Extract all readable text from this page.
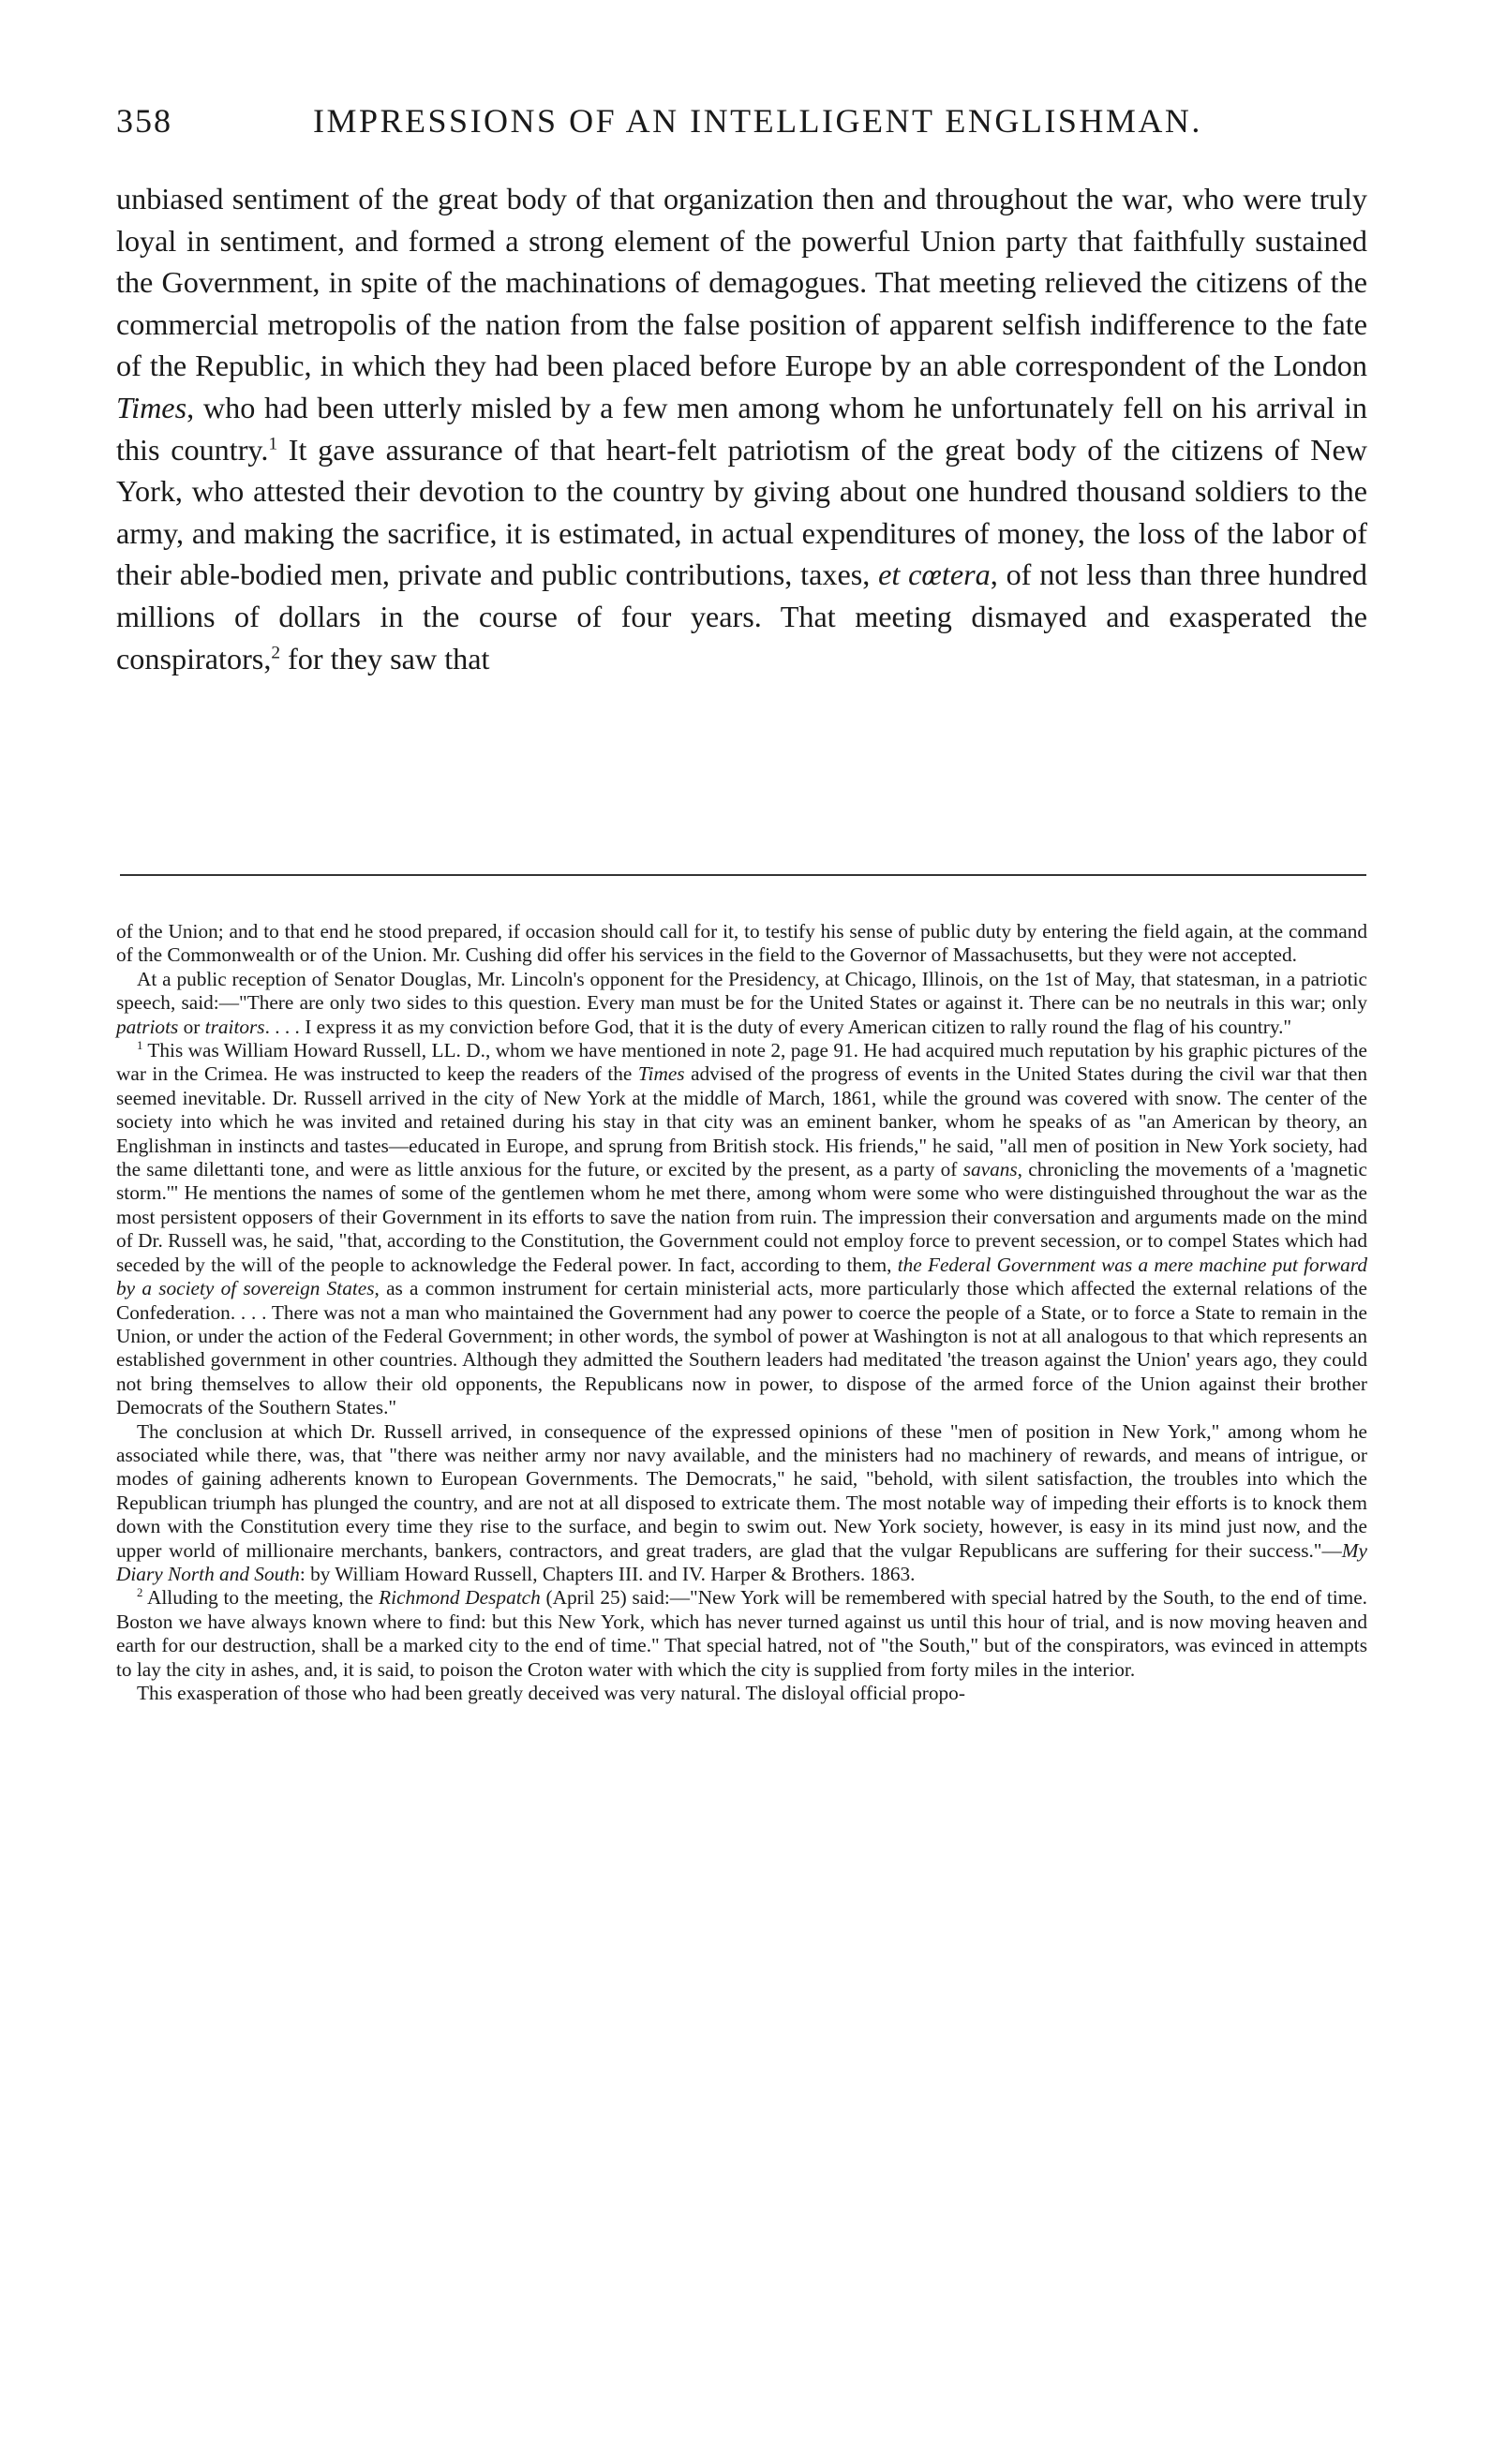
358	IMPRESSIONS OF AN INTELLIGENT ENGLISHMAN.

unbiased sentiment of the great body of that organization then and throughout the war, who were truly loyal in sentiment, and formed a strong element of the powerful Union party that faithfully sustained the Government, in spite of the machinations of demagogues. That meeting relieved the citizens of the commercial metropolis of the nation from the false position of apparent selfish indifference to the fate of the Republic, in which they had been placed before Europe by an able correspondent of the London Times, who had been utterly misled by a few men among whom he unfortunately fell on his arrival in this country.$^1$ It gave assurance of that heart-felt patriotism of the great body of the citizens of New York, who attested their devotion to the country by giving about one hundred thousand soldiers to the army, and making the sacrifice, it is estimated, in actual expenditures of money, the loss of the labor of their able-bodied men, private and public contributions, taxes, et cœtera, of not less than three hundred millions of dollars in the course of four years. That meeting dismayed and exasperated the conspirators,$^2$ for they saw that

of the Union; and to that end he stood prepared, if occasion should call for it, to testify his sense of public duty by entering the field again, at the command of the Commonwealth or of the Union. Mr. Cushing did offer his services in the field to the Governor of Massachusetts, but they were not accepted.

At a public reception of Senator Douglas, Mr. Lincoln's opponent for the Presidency, at Chicago, Illinois, on the 1st of May, that statesman, in a patriotic speech, said:—"There are only two sides to this question. Every man must be for the United States or against it. There can be no neutrals in this war; only patriots or traitors. . . . I express it as my conviction before God, that it is the duty of every American citizen to rally round the flag of his country."

$^1$ This was William Howard Russell, LL. D., whom we have mentioned in note 2, page 91. He had acquired much reputation by his graphic pictures of the war in the Crimea. He was instructed to keep the readers of the Times advised of the progress of events in the United States during the civil war that then seemed inevitable. Dr. Russell arrived in the city of New York at the middle of March, 1861, while the ground was covered with snow. The center of the society into which he was invited and retained during his stay in that city was an eminent banker, whom he speaks of as "an American by theory, an Englishman in instincts and tastes—educated in Europe, and sprung from British stock. His friends," he said, "all men of position in New York society, had the same dilettanti tone, and were as little anxious for the future, or excited by the present, as a party of savans, chronicling the movements of a 'magnetic storm.'" He mentions the names of some of the gentlemen whom he met there, among whom were some who were distinguished throughout the war as the most persistent opposers of their Government in its efforts to save the nation from ruin. The impression their conversation and arguments made on the mind of Dr. Russell was, he said, "that, according to the Constitution, the Government could not employ force to prevent secession, or to compel States which had seceded by the will of the people to acknowledge the Federal power. In fact, according to them, the Federal Government was a mere machine put forward by a society of sovereign States, as a common instrument for certain ministerial acts, more particularly those which affected the external relations of the Confederation. . . . There was not a man who maintained the Government had any power to coerce the people of a State, or to force a State to remain in the Union, or under the action of the Federal Government; in other words, the symbol of power at Washington is not at all analogous to that which represents an established government in other countries. Although they admitted the Southern leaders had meditated 'the treason against the Union' years ago, they could not bring themselves to allow their old opponents, the Republicans now in power, to dispose of the armed force of the Union against their brother Democrats of the Southern States."

The conclusion at which Dr. Russell arrived, in consequence of the expressed opinions of these "men of position in New York," among whom he associated while there, was, that "there was neither army nor navy available, and the ministers had no machinery of rewards, and means of intrigue, or modes of gaining adherents known to European Governments. The Democrats," he said, "behold, with silent satisfaction, the troubles into which the Republican triumph has plunged the country, and are not at all disposed to extricate them. The most notable way of impeding their efforts is to knock them down with the Constitution every time they rise to the surface, and begin to swim out. New York society, however, is easy in its mind just now, and the upper world of millionaire merchants, bankers, contractors, and great traders, are glad that the vulgar Republicans are suffering for their success."—My Diary North and South: by William Howard Russell, Chapters III. and IV. Harper & Brothers. 1863.

$^2$ Alluding to the meeting, the Richmond Despatch (April 25) said:—"New York will be remembered with special hatred by the South, to the end of time. Boston we have always known where to find: but this New York, which has never turned against us until this hour of trial, and is now moving heaven and earth for our destruction, shall be a marked city to the end of time." That special hatred, not of "the South," but of the conspirators, was evinced in attempts to lay the city in ashes, and, it is said, to poison the Croton water with which the city is supplied from forty miles in the interior.

This exasperation of those who had been greatly deceived was very natural. The disloyal official propo-
